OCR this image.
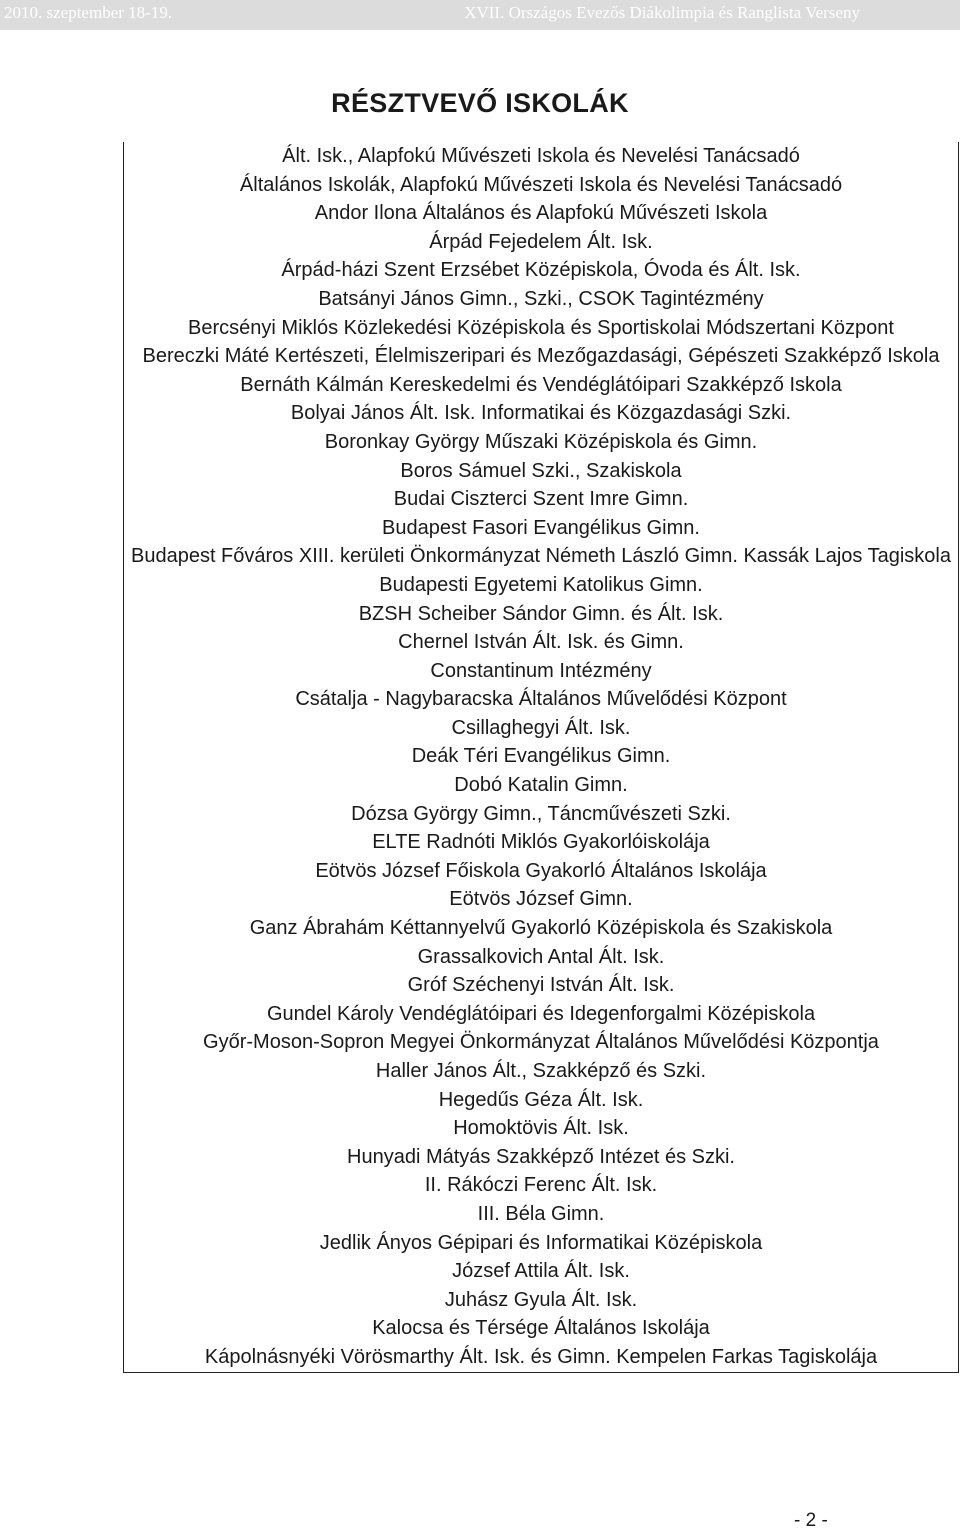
2010. szeptember 18-19.	XVII. Országos Evezős Diákolimpia és Ranglista Verseny
RÉSZTVEVŐ ISKOLÁK
Ált. Isk., Alapfokú Művészeti Iskola és Nevelési Tanácsadó
Általános Iskolák, Alapfokú Művészeti Iskola és Nevelési Tanácsadó
Andor Ilona Általános és Alapfokú Művészeti Iskola
Árpád Fejedelem Ált. Isk.
Árpád-házi Szent Erzsébet Középiskola, Óvoda és Ált. Isk.
Batsányi János Gimn., Szki., CSOK Tagintézmény
Bercsényi Miklós Közlekedési Középiskola és Sportiskolai Módszertani Központ
Bereczki Máté Kertészeti, Élelmiszeripari és Mezőgazdasági, Gépészeti Szakképző Iskola
Bernáth Kálmán Kereskedelmi és Vendéglátóipari Szakképző Iskola
Bolyai János Ált. Isk. Informatikai és Közgazdasági Szki.
Boronkay György Műszaki Középiskola és Gimn.
Boros Sámuel Szki., Szakiskola
Budai Ciszterci Szent Imre Gimn.
Budapest Fasori Evangélikus Gimn.
Budapest Főváros XIII. kerületi Önkormányzat Németh László Gimn. Kassák Lajos Tagiskola
Budapesti Egyetemi Katolikus Gimn.
BZSH Scheiber Sándor Gimn. és Ált. Isk.
Chernel István Ált. Isk. és Gimn.
Constantinum Intézmény
Csátalja - Nagybaracska Általános Művelődési Központ
Csillaghegyi Ált. Isk.
Deák Téri Evangélikus Gimn.
Dobó Katalin Gimn.
Dózsa György Gimn., Táncművészeti Szki.
ELTE Radnóti Miklós Gyakorlóiskolája
Eötvös József Főiskola Gyakorló Általános Iskolája
Eötvös József Gimn.
Ganz Ábrahám Kéttannyelvű Gyakorló Középiskola és Szakiskola
Grassalkovich Antal Ált. Isk.
Gróf Széchenyi István Ált. Isk.
Gundel Károly Vendéglátóipari és Idegenforgalmi Középiskola
Győr-Moson-Sopron Megyei Önkormányzat Általános Művelődési Központja
Haller János Ált., Szakképző és Szki.
Hegedűs Géza Ált. Isk.
Homoktövis Ált. Isk.
Hunyadi Mátyás Szakképző Intézet és Szki.
II. Rákóczi Ferenc Ált. Isk.
III. Béla Gimn.
Jedlik Ányos Gépipari és Informatikai Középiskola
József Attila Ált. Isk.
Juhász Gyula Ált. Isk.
Kalocsa és Térsége Általános Iskolája
Kápolnásnyéki Vörösmarthy Ált. Isk. és Gimn. Kempelen Farkas Tagiskolája
- 2 -
